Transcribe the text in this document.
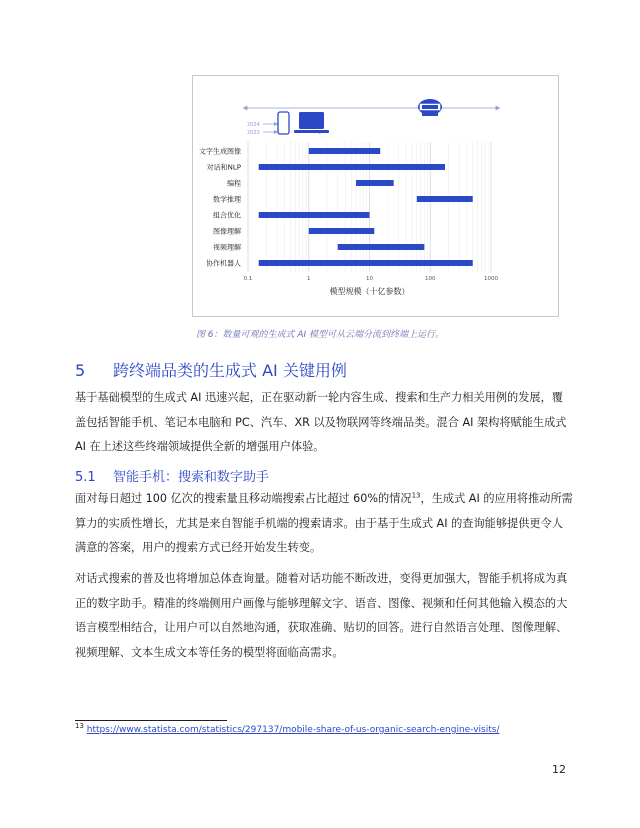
0.1	1	10	100	1000
模型规模（十亿参数）
文字生成图像
对话和NLP
编程
数学推理
组合优化
图像理解
视频理解
协作机器人
2024
2023
图 6：数量可观的生成式 AI 模型可从云端分流到终端上运行。
5 跨终端品类的生成式 AI 关键用例

基于基础模型的生成式 AI 迅速兴起，正在驱动新一轮内容生成、搜索和生产力相关用例的发展，覆盖包括智能手机、笔记本电脑和 PC、汽车、XR 以及物联网等终端品类。混合 AI 架构将赋能生成式 AI 在上述这些终端领域提供全新的增强用户体验。

5.1 智能手机：搜索和数字助手

面对每日超过 100 亿次的搜索量且移动端搜索占比超过 60%的情况$^{13}$，生成式 AI 的应用将推动所需算力的实质性增长，尤其是来自智能手机端的搜索请求。由于基于生成式 AI 的查询能够提供更令人满意的答案，用户的搜索方式已经开始发生转变。

对话式搜索的普及也将增加总体查询量。随着对话功能不断改进，变得更加强大，智能手机将成为真正的数字助手。精准的终端侧用户画像与能够理解文字、语音、图像、视频和任何其他输入模态的大语言模型相结合，让用户可以自然地沟通，获取准确、贴切的回答。进行自然语言处理、图像理解、视频理解、文本生成文本等任务的模型将面临高需求。

$^{13}$ https://www.statista.com/statistics/297137/mobile-share-of-us-organic-search-engine-visits/
12
